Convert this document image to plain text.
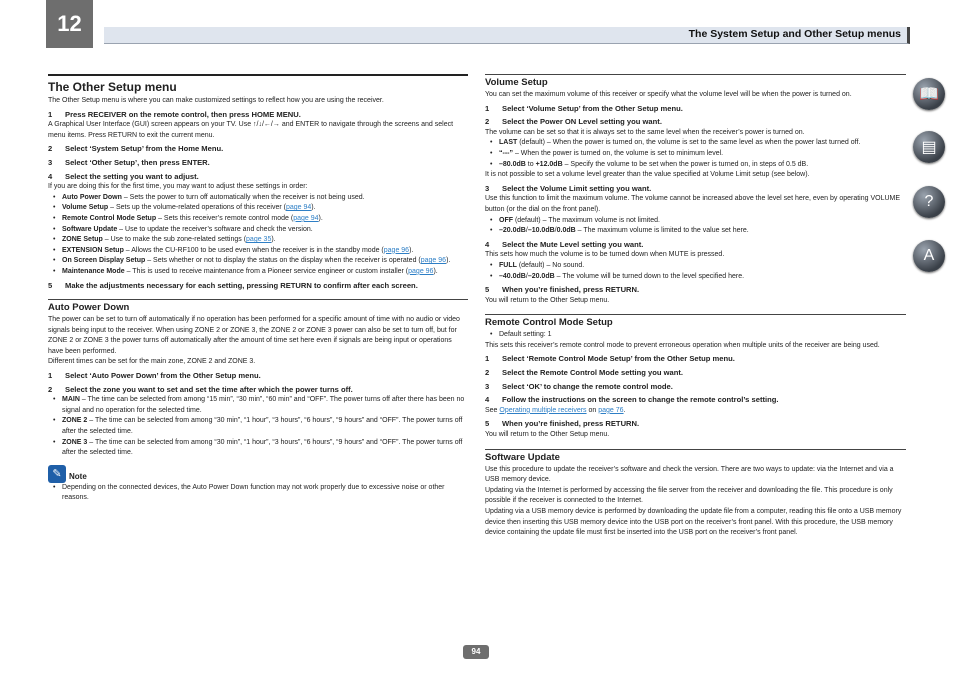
12	The System Setup and Other Setup menus
📖
▤
?
A
The Other Setup menu

The Other Setup menu is where you can make customized settings to reflect how you are using the receiver.

1 Press RECEIVER on the remote control, then press HOME MENU.

A Graphical User Interface (GUI) screen appears on your TV. Use ↑/↓/←/→ and ENTER to navigate through the screens and select menu items. Press RETURN to exit the current menu.

2 Select ‘System Setup’ from the Home Menu.
3 Select ‘Other Setup’, then press ENTER.
4 Select the setting you want to adjust.

If you are doing this for the first time, you may want to adjust these settings in order:

• Auto Power Down – Sets the power to turn off automatically when the receiver is not being used.
• Volume Setup – Sets up the volume-related operations of this receiver (page 94).
• Remote Control Mode Setup – Sets this receiver’s remote control mode (page 94).
• Software Update – Use to update the receiver’s software and check the version.
• ZONE Setup – Use to make the sub zone-related settings (page 35).
• EXTENSION Setup – Allows the CU-RF100 to be used even when the receiver is in the standby mode (page 96).
• On Screen Display Setup – Sets whether or not to display the status on the display when the receiver is operated (page 96).
• Maintenance Mode – This is used to receive maintenance from a Pioneer service engineer or custom installer (page 96).
5 Make the adjustments necessary for each setting, pressing RETURN to confirm after each screen.
Auto Power Down

The power can be set to turn off automatically if no operation has been performed for a specific amount of time with no audio or video signals being input to the receiver. When using ZONE 2 or ZONE 3, the ZONE 2 or ZONE 3 power can also be set to turn off, but for ZONE 2 or ZONE 3 the power turns off automatically after the amount of time set here even if signals are being input or operations have been performed.

Different times can be set for the main zone, ZONE 2 and ZONE 3.

1 Select ‘Auto Power Down’ from the Other Setup menu.
2 Select the zone you want to set and set the time after which the power turns off.
• MAIN – The time can be selected from among “15 min”, “30 min”, “60 min” and “OFF”. The power turns off after there has been no signal and no operation for the selected time.
• ZONE 2 – The time can be selected from among “30 min”, “1 hour”, “3 hours”, “6 hours”, “9 hours” and “OFF”. The power turns off after the selected time.
• ZONE 3 – The time can be selected from among “30 min”, “1 hour”, “3 hours”, “6 hours”, “9 hours” and “OFF”. The power turns off after the selected time.
✎ Note
• Depending on the connected devices, the Auto Power Down function may not work properly due to excessive noise or other reasons.
Volume Setup

You can set the maximum volume of this receiver or specify what the volume level will be when the power is turned on.

1 Select ‘Volume Setup’ from the Other Setup menu.
2 Select the Power ON Level setting you want.

The volume can be set so that it is always set to the same level when the receiver’s power is turned on.

• LAST (default) – When the power is turned on, the volume is set to the same level as when the power last turned off.
• “---” – When the power is turned on, the volume is set to minimum level.
• –80.0dB to +12.0dB – Specify the volume to be set when the power is turned on, in steps of 0.5 dB.

It is not possible to set a volume level greater than the value specified at Volume Limit setup (see below).

3 Select the Volume Limit setting you want.

Use this function to limit the maximum volume. The volume cannot be increased above the level set here, even by operating VOLUME button (or the dial on the front panel).

• OFF (default) – The maximum volume is not limited.
• –20.0dB/–10.0dB/0.0dB – The maximum volume is limited to the value set here.
4 Select the Mute Level setting you want.

This sets how much the volume is to be turned down when MUTE is pressed.

• FULL (default) – No sound.
• –40.0dB/–20.0dB – The volume will be turned down to the level specified here.
5 When you’re finished, press RETURN.

You will return to the Other Setup menu.

Remote Control Mode Setup
• Default setting: 1

This sets this receiver’s remote control mode to prevent erroneous operation when multiple units of the receiver are being used.

1 Select ‘Remote Control Mode Setup’ from the Other Setup menu.
2 Select the Remote Control Mode setting you want.
3 Select ‘OK’ to change the remote control mode.
4 Follow the instructions on the screen to change the remote control’s setting.

See Operating multiple receivers on page 76.

5 When you’re finished, press RETURN.

You will return to the Other Setup menu.

Software Update

Use this procedure to update the receiver’s software and check the version. There are two ways to update: via the Internet and via a USB memory device.

Updating via the Internet is performed by accessing the file server from the receiver and downloading the file. This procedure is only possible if the receiver is connected to the Internet.

Updating via a USB memory device is performed by downloading the update file from a computer, reading this file onto a USB memory device then inserting this USB memory device into the USB port on the receiver’s front panel. With this procedure, the USB memory device containing the update file must first be inserted into the USB port on the receiver’s front panel.

94
